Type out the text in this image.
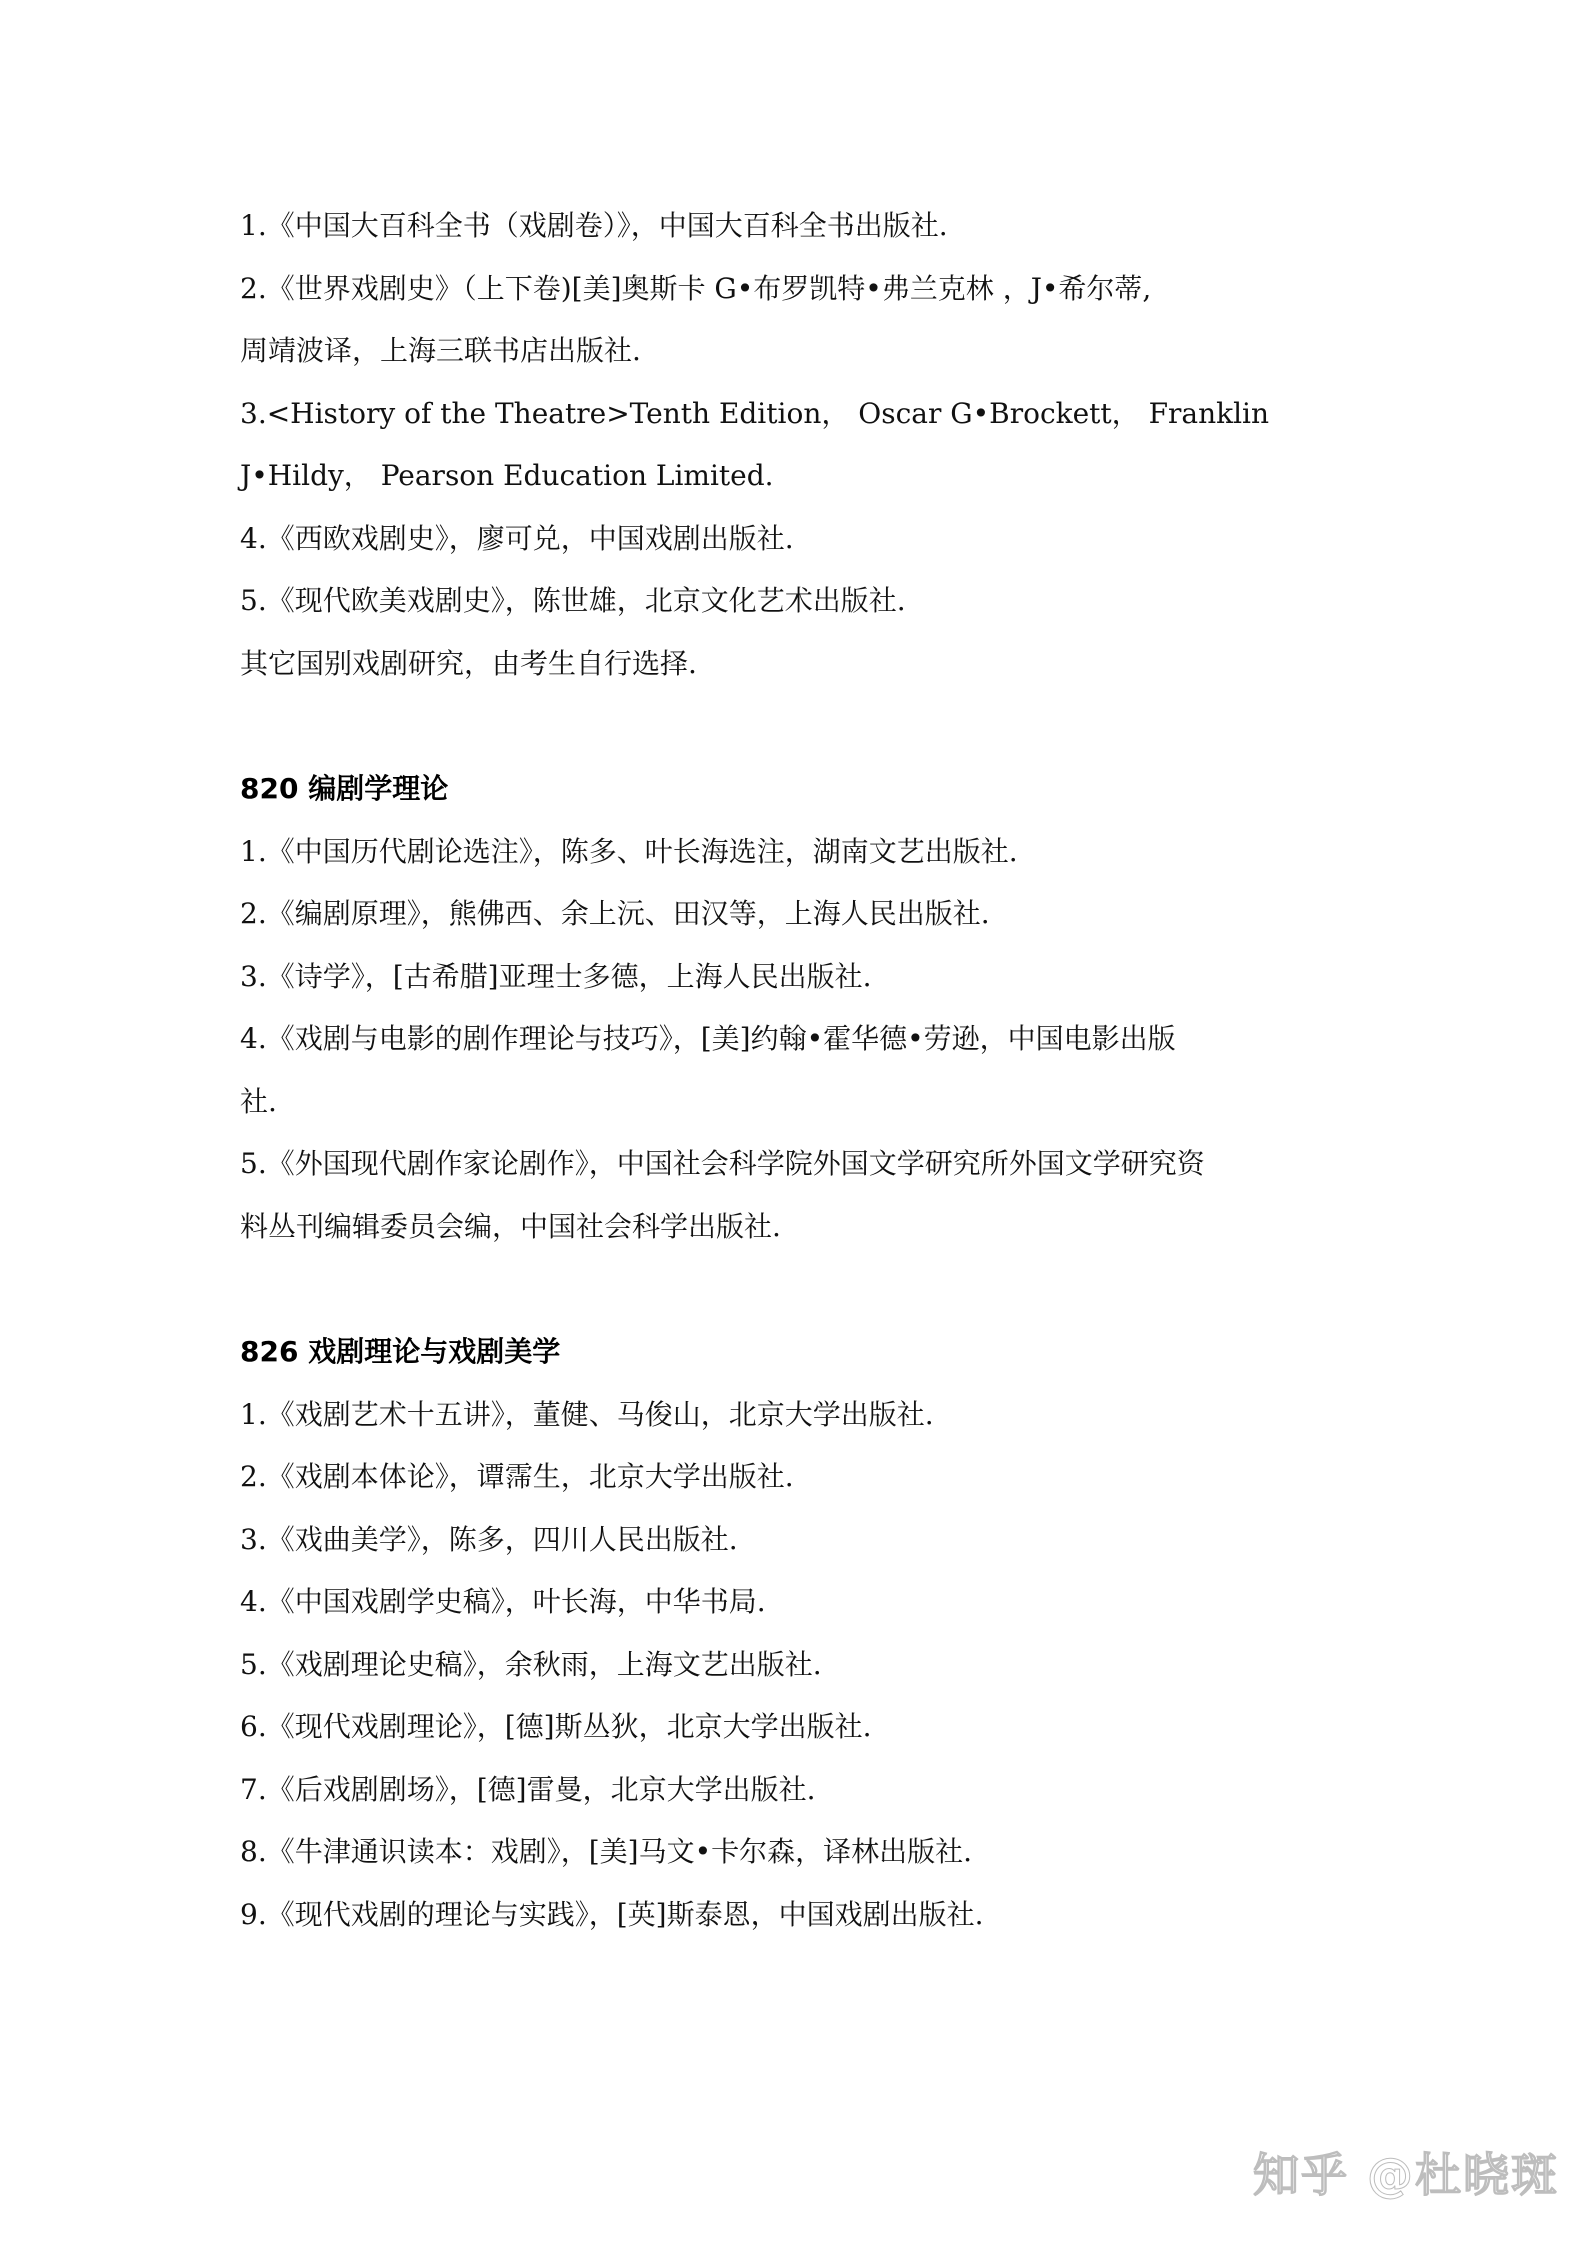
1.《中国大百科全书（戏剧卷）》，中国大百科全书出版社.
2.《世界戏剧史》（上下卷)[美]奥斯卡 G•布罗凯特•弗兰克林 ，J•希尔蒂,
周靖波译，上海三联书店出版社.
3.<History of the Theatre>Tenth Edition， Oscar G•Brockett， Franklin
J•Hildy， Pearson Education Limited.
4.《西欧戏剧史》，廖可兑，中国戏剧出版社.
5.《现代欧美戏剧史》，陈世雄，北京文化艺术出版社.
其它国别戏剧研究，由考生自行选择.
820 编剧学理论
1.《中国历代剧论选注》，陈多、叶长海选注，湖南文艺出版社.
2.《编剧原理》，熊佛西、余上沅、田汉等，上海人民出版社.
3.《诗学》，[古希腊]亚理士多德，上海人民出版社.
4.《戏剧与电影的剧作理论与技巧》，[美]约翰•霍华德•劳逊，中国电影出版
社.
5.《外国现代剧作家论剧作》，中国社会科学院外国文学研究所外国文学研究资
料丛刊编辑委员会编，中国社会科学出版社.
826 戏剧理论与戏剧美学
1.《戏剧艺术十五讲》，董健、马俊山，北京大学出版社.
2.《戏剧本体论》，谭霈生，北京大学出版社.
3.《戏曲美学》，陈多，四川人民出版社.
4.《中国戏剧学史稿》，叶长海，中华书局.
5.《戏剧理论史稿》，余秋雨，上海文艺出版社.
6.《现代戏剧理论》，[德]斯丛狄，北京大学出版社.
7.《后戏剧剧场》，[德]雷曼，北京大学出版社.
8.《牛津通识读本：戏剧》，[美]马文•卡尔森，译林出版社.
9.《现代戏剧的理论与实践》，[英]斯泰恩，中国戏剧出版社.
知乎 @杜晓斑
